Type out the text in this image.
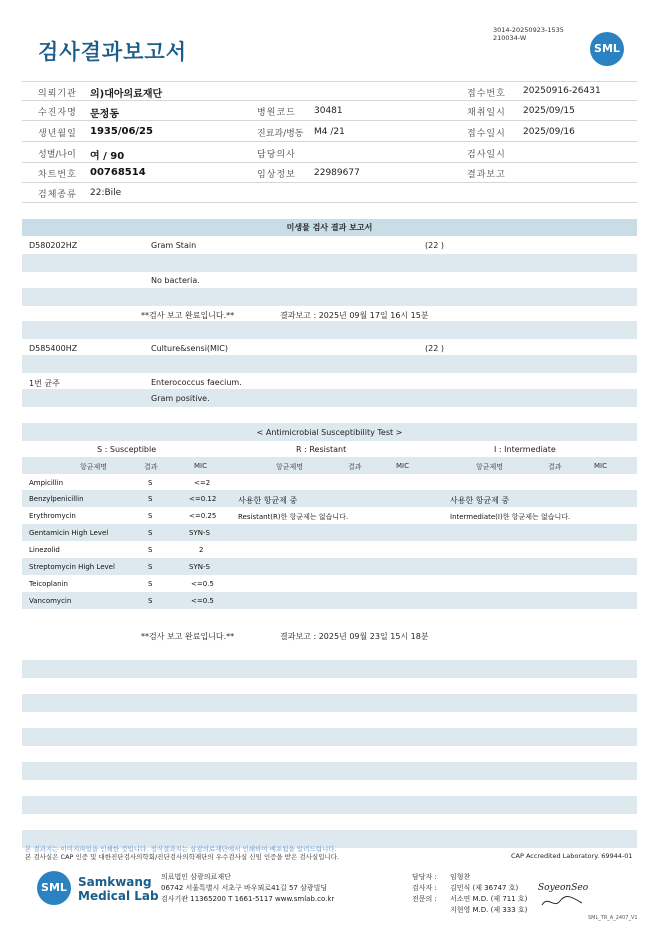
검사결과보고서
3014-20250923-1535
210034-W
SML
의뢰기관 의)대아의료재단	접수번호 20250916-26431
수진자명 문정동	병원코드 30481	채취일시 2025/09/15
생년월일 1935/06/25	진료과/병동 M4 /21	접수일시 2025/09/16
성별/나이 여 / 90	담당의사	검사일시
차트번호 00768514	임상정보 22989677	결과보고
검체종류 22:Bile
미생물 검사 결과 보고서
D580202HZ	Gram Stain	(22 )
No bacteria.
**검사 보고 완료입니다.**	결과보고 : 2025년 09월 17일 16시 15분
D585400HZ	Culture&sensi(MIC)	(22 )
1번 균주	Enterococcus faecium.
Gram positive.
< Antimicrobial Susceptibility Test >
S : Susceptible	R : Resistant	I : Intermediate
항균제명	결과	MIC	항균제명	결과	MIC	항균제명	결과	MIC
Ampicillin	S	<=2
Benzylpenicillin	S	<=0.12
Erythromycin	S	<=0.25
Gentamicin High Level	S	SYN-S
Linezolid	S	2
Streptomycin High Level	S	SYN-S
Teicoplanin	S	<=0.5
Vancomycin	S	<=0.5
사용한 항균제 중
Resistant(R)한 항균제는 없습니다.
사용한 항균제 중
Intermediate(I)한 항균제는 없습니다.
**검사 보고 완료입니다.**	결과보고 : 2025년 09월 23일 15시 18분
본 결과지는 이미지파일을 인쇄한 것입니다. 정식결과지는 삼광의료재단에서 인쇄하여 배포됨을 알려드립니다.
본 검사실은 CAP 인증 및 대한진단검사의학회/진단검사의학재단의 우수검사실 신임 인증을 받은 검사실입니다.	CAP Accredited Laboratory. 69944-01
SML Samkwang
Medical Lab
의료법인 삼광의료재단
06742 서울특별시 서초구 바우뫼로41길 57 삼광빌딩
검사기관 11365200 T 1661-5117 www.smlab.co.kr
담당자 :
검사자 :
전문의 :
임형찬
김민식 (제 36747 호)
서소연 M.D. (제 711 호)
지현영 M.D. (제 333 호)
SoyeonSeo
SML_TR_A_2407_V1
